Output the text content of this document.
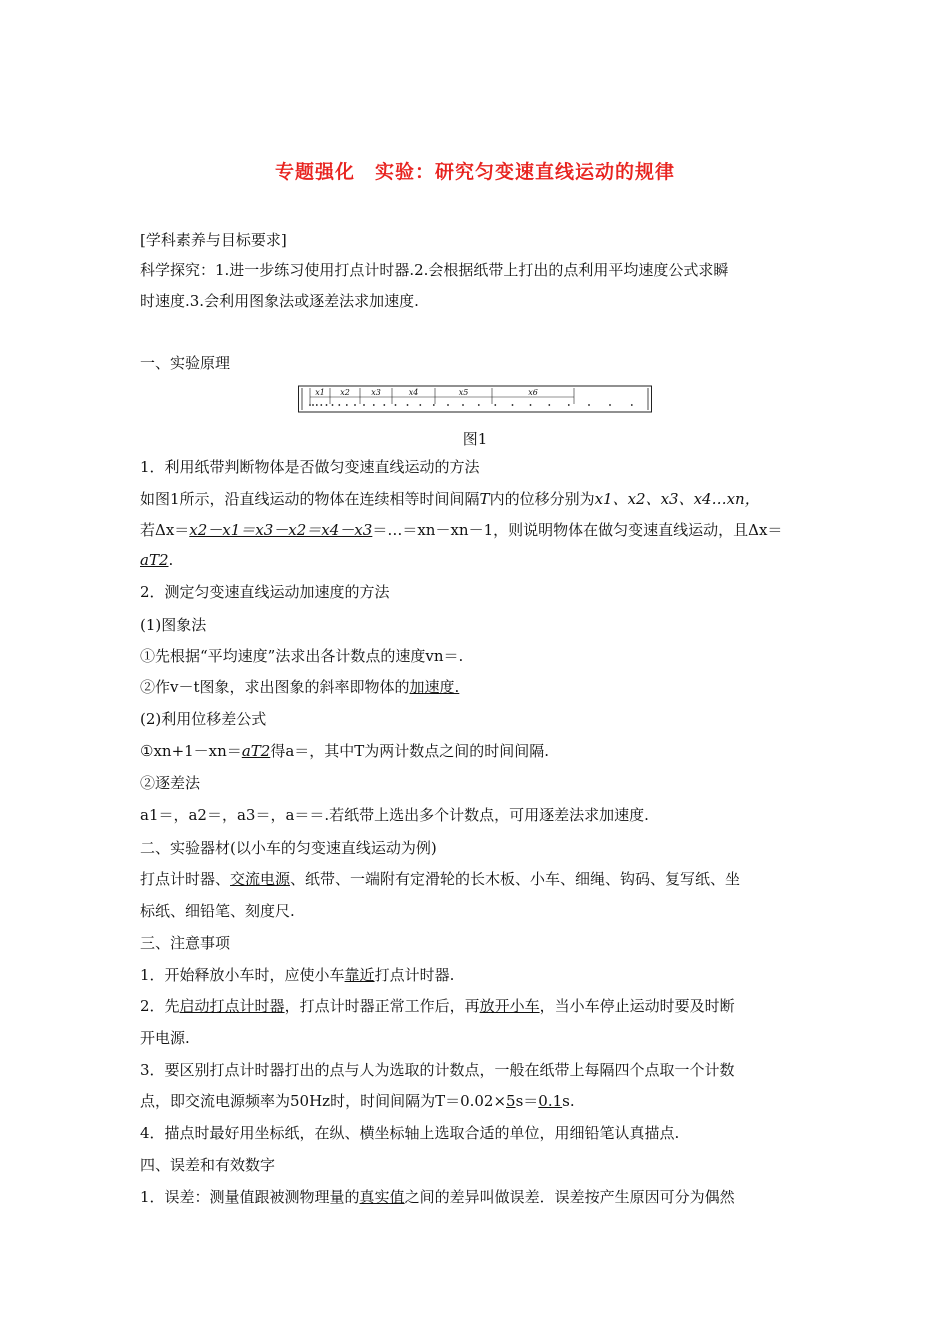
专题强化　实验：研究匀变速直线运动的规律
[学科素养与目标要求]
科学探究：1.进一步练习使用打点计时器.2.会根据纸带上打出的点利用平均速度公式求瞬
时速度.3.会利用图象法或逐差法求加速度.
一、实验原理
x1 x2	x3	x4	x5	x6
图1
1．利用纸带判断物体是否做匀变速直线运动的方法
如图1所示，沿直线运动的物体在连续相等时间间隔T内的位移分别为x1、x2、x3、x4…xn，
若Δx＝x2－x1＝x3－x2＝x4－x3＝…＝xn－xn－1，则说明物体在做匀变速直线运动，且Δx＝
aT2.
2．测定匀变速直线运动加速度的方法
(1)图象法
①先根据“平均速度”法求出各计数点的速度vn＝.
②作v－t图象，求出图象的斜率即物体的加速度.
(2)利用位移差公式
①xn+1－xn＝aT2得a＝，其中T为两计数点之间的时间间隔.
②逐差法
a1＝，a2＝，a3＝，a＝＝.若纸带上选出多个计数点，可用逐差法求加速度.
二、实验器材(以小车的匀变速直线运动为例)
打点计时器、交流电源、纸带、一端附有定滑轮的长木板、小车、细绳、钩码、复写纸、坐
标纸、细铅笔、刻度尺.
三、注意事项
1．开始释放小车时，应使小车靠近打点计时器.
2．先启动打点计时器，打点计时器正常工作后，再放开小车，当小车停止运动时要及时断
开电源.
3．要区别打点计时器打出的点与人为选取的计数点，一般在纸带上每隔四个点取一个计数
点，即交流电源频率为50Hz时，时间间隔为T＝0.02×5s＝0.1s.
4．描点时最好用坐标纸，在纵、横坐标轴上选取合适的单位，用细铅笔认真描点.
四、误差和有效数字
1．误差：测量值跟被测物理量的真实值之间的差异叫做误差．误差按产生原因可分为偶然
